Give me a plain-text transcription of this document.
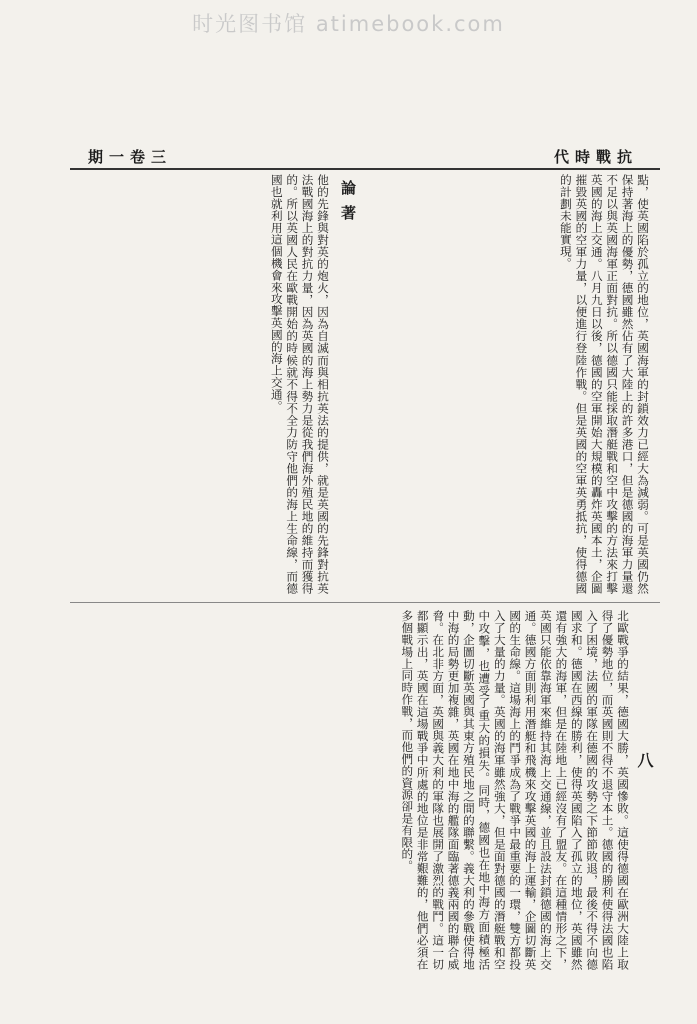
时光图书馆 atimebook.com
期一卷三	代時戰抗
論著
八
點，使英國陷於孤立的地位，英國海軍的封鎖效力已經大為減弱。可是英國仍然保持著海上的優勢，德國雖然佔有了大陸上的許多港口，但是德國的海軍力量還不足以與英國海軍正面對抗。所以德國只能採取潛艇戰和空中攻擊的方法來打擊英國的海上交通。八月九日以後，德國的空軍開始大規模的轟炸英國本土，企圖摧毀英國的空軍力量，以便進行登陸作戰。但是英國的空軍英勇抵抗，使得德國的計劃未能實現。
他的先鋒與對英的炮火，因為自滅而與相抗英法的提供，就是英國的先鋒對抗英法戰國海上的對抗力量，因為英國的海上勢力是從我們海外殖民地的維持而獲得的。所以英國人民在歐戰開始的時候就不得不全力防守他們的海上生命線，而德國也就利用這個機會來攻擊英國的海上交通。
北歐戰爭的結果，德國大勝，英國慘敗。這使得德國在歐洲大陸上取得了優勢地位，而英國則不得不退守本土。德國的勝利使得法國也陷入了困境，法國的軍隊在德國的攻勢之下節節敗退，最後不得不向德國求和。德國在西線的勝利，使得英國陷入了孤立的地位，英國雖然還有強大的海軍，但是在陸地上已經沒有了盟友。在這種情形之下，英國只能依靠海軍來維持其海上交通線，並且設法封鎖德國的海上交通。德國方面則利用潛艇和飛機來攻擊英國的海上運輸，企圖切斷英國的生命線。這場海上的鬥爭成為了戰爭中最重要的一環，雙方都投入了大量的力量。英國的海軍雖然強大，但是面對德國的潛艇戰和空中攻擊，也遭受了重大的損失。同時，德國也在地中海方面積極活動，企圖切斷英國與其東方殖民地之間的聯繫。義大利的參戰使得地中海的局勢更加複雜，英國在地中海的艦隊面臨著德義兩國的聯合威脅。在北非方面，英國與義大利的軍隊也展開了激烈的戰鬥。這一切都顯示出，英國在這場戰爭中所處的地位是非常艱難的，他們必須在多個戰場上同時作戰，而他們的資源卻是有限的。
